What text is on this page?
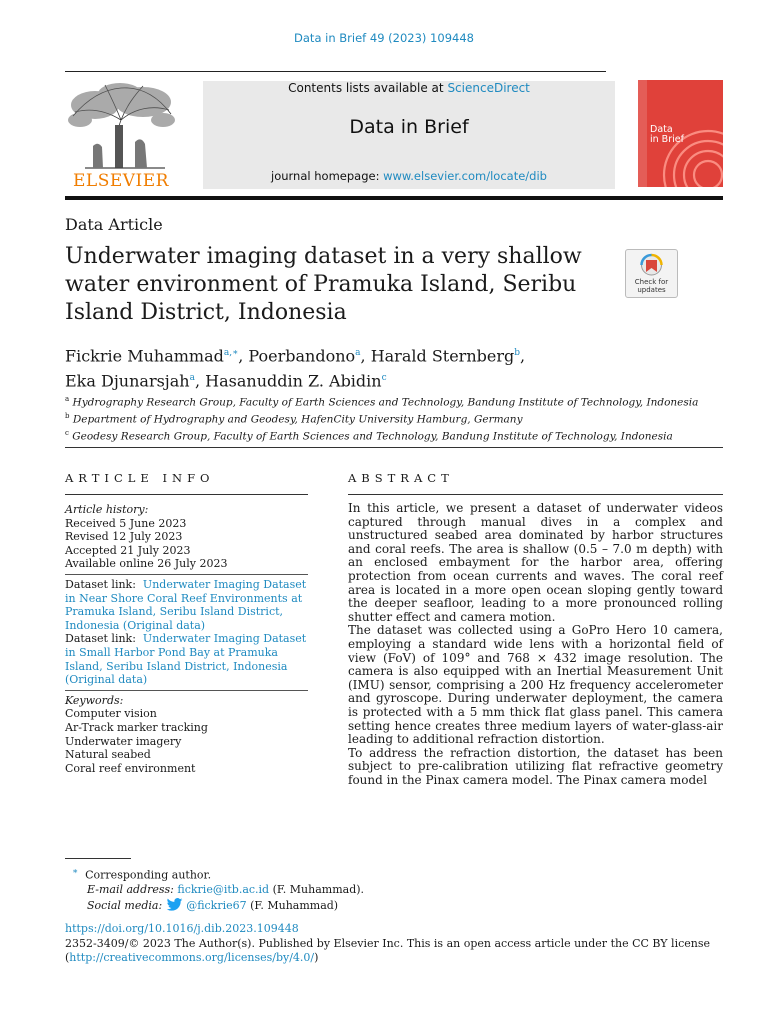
Data in Brief 49 (2023) 109448
ELSEVIER
Contents lists available at ScienceDirect
Data in Brief
journal homepage: www.elsevier.com/locate/dib
Data
in Brief
Data Article
Underwater imaging dataset in a very shallow water environment of Pramuka Island, Seribu Island District, Indonesia
Check for
updates
Fickrie Muhammad$^{a,∗}$, Poerbandono$^a$, Harald Sternberg$^b$,
Eka Djunarsjah$^a$, Hasanuddin Z. Abidin$^c$
$^a$ Hydrography Research Group, Faculty of Earth Sciences and Technology, Bandung Institute of Technology, Indonesia
$^b$ Department of Hydrography and Geodesy, HafenCity University Hamburg, Germany
$^c$ Geodesy Research Group, Faculty of Earth Sciences and Technology, Bandung Institute of Technology, Indonesia
ARTICLE INFO	ABSTRACT
Article history:
Received 5 June 2023
Revised 12 July 2023
Accepted 21 July 2023
Available online 26 July 2023
Dataset link: Underwater Imaging Dataset in Near Shore Coral Reef Environments at Pramuka Island, Seribu Island District, Indonesia (Original data)
Dataset link: Underwater Imaging Dataset in Small Harbor Pond Bay at Pramuka Island, Seribu Island District, Indonesia (Original data)
Keywords:
Computer vision
Ar-Track marker tracking
Underwater imagery
Natural seabed
Coral reef environment

In this article, we present a dataset of underwater videos captured through manual dives in a complex and unstructured seabed area dominated by harbor structures and coral reefs. The area is shallow (0.5 – 7.0 m depth) with an enclosed embayment for the harbor area, offering protection from ocean currents and waves. The coral reef area is located in a more open ocean sloping gently toward the deeper seafloor, leading to a more pronounced rolling shutter effect and camera motion.

The dataset was collected using a GoPro Hero 10 camera, employing a standard wide lens with a horizontal field of view (FoV) of 109° and 768 × 432 image resolution. The camera is also equipped with an Inertial Measurement Unit (IMU) sensor, comprising a 200 Hz frequency accelerometer and gyroscope. During underwater deployment, the camera is protected with a 5 mm thick flat glass panel. This camera setting hence creates three medium layers of water-glass-air leading to additional refraction distortion.

To address the refraction distortion, the dataset has been subject to pre-calibration utilizing flat refractive geometry found in the Pinax camera model. The Pinax camera model

∗ Corresponding author.
E-mail address: fickrie@itb.ac.id (F. Muhammad).
Social media: @fickrie67 (F. Muhammad)
https://doi.org/10.1016/j.dib.2023.109448
2352-3409/© 2023 The Author(s). Published by Elsevier Inc. This is an open access article under the CC BY license
(http://creativecommons.org/licenses/by/4.0/)
